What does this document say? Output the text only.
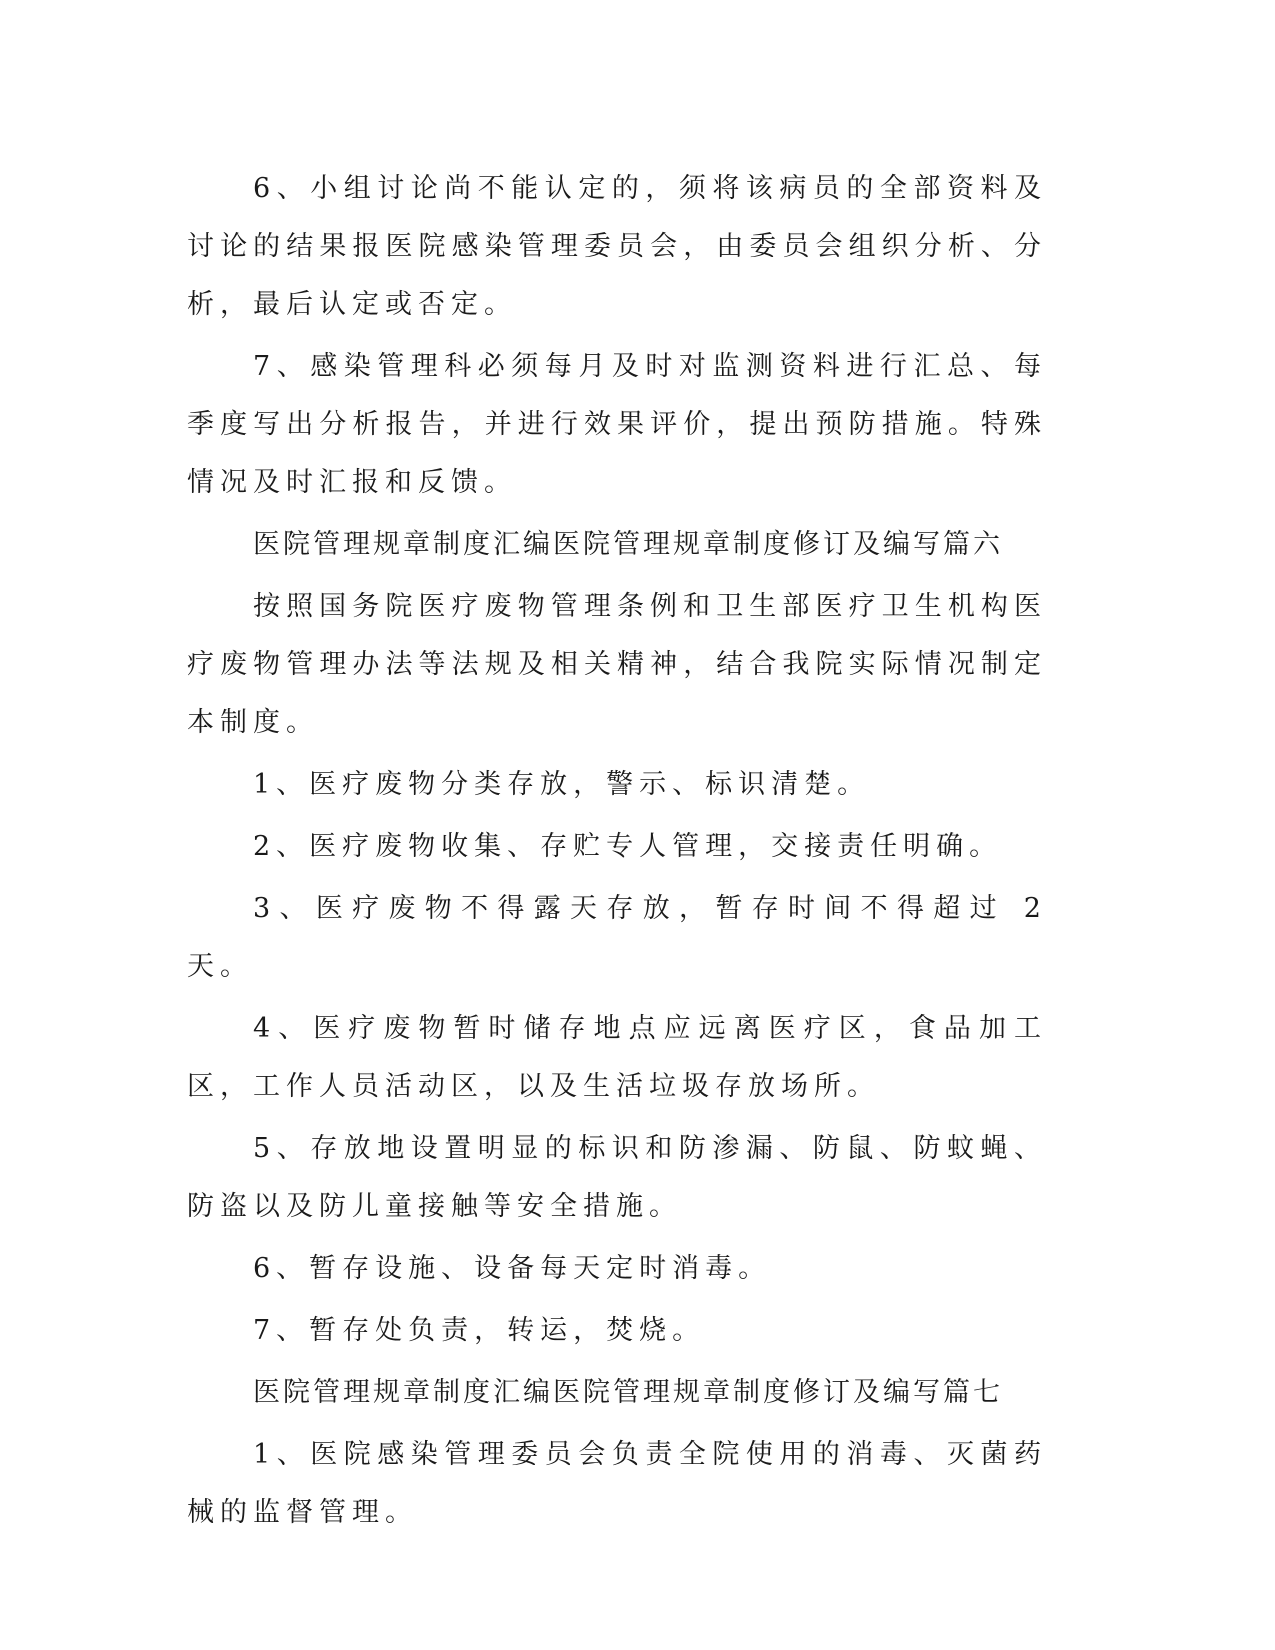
6、小组讨论尚不能认定的，须将该病员的全部资料及讨论的结果报医院感染管理委员会，由委员会组织分析、分析，最后认定或否定。

7、感染管理科必须每月及时对监测资料进行汇总、每季度写出分析报告，并进行效果评价，提出预防措施。特殊情况及时汇报和反馈。

医院管理规章制度汇编医院管理规章制度修订及编写篇六

按照国务院医疗废物管理条例和卫生部医疗卫生机构医疗废物管理办法等法规及相关精神，结合我院实际情况制定本制度。

1、医疗废物分类存放，警示、标识清楚。

2、医疗废物收集、存贮专人管理，交接责任明确。

3、医疗废物不得露天存放，暂存时间不得超过 2 天。

4、医疗废物暂时储存地点应远离医疗区，食品加工区，工作人员活动区，以及生活垃圾存放场所。

5、存放地设置明显的标识和防渗漏、防鼠、防蚊蝇、防盗以及防儿童接触等安全措施。

6、暂存设施、设备每天定时消毒。

7、暂存处负责，转运，焚烧。

医院管理规章制度汇编医院管理规章制度修订及编写篇七

1、医院感染管理委员会负责全院使用的消毒、灭菌药械的监督管理。
